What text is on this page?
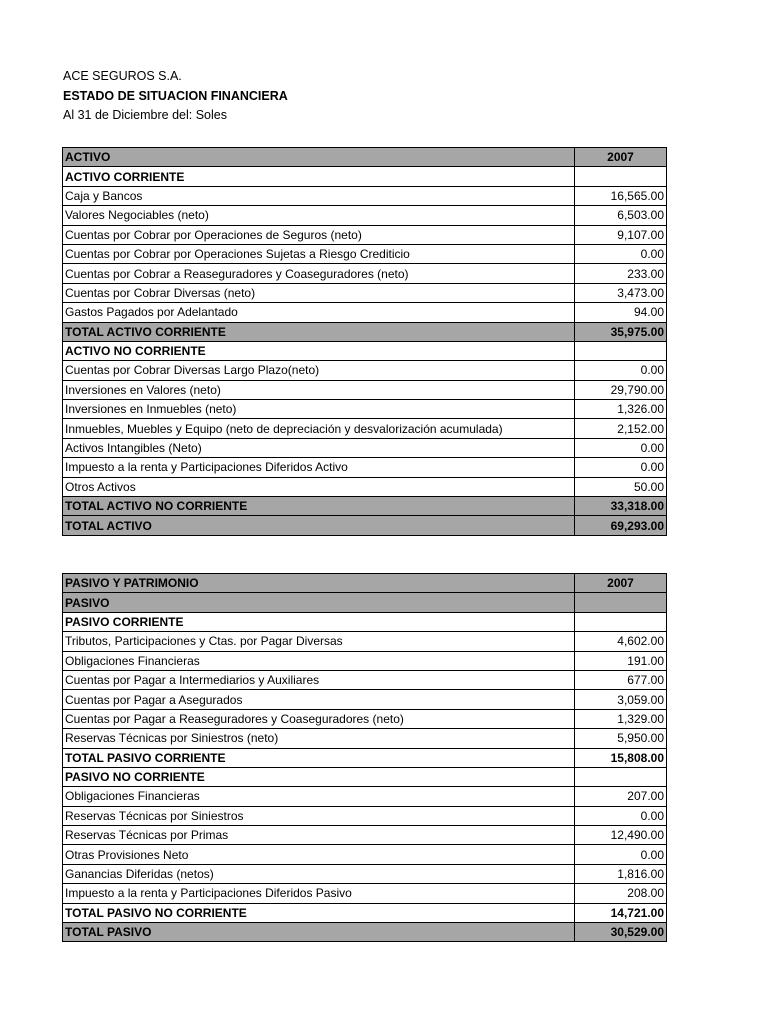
ACE SEGUROS S.A.
ESTADO DE SITUACION FINANCIERA
Al 31 de Diciembre del: Soles
ACTIVO	2007
ACTIVO CORRIENTE	
Caja y Bancos	16,565.00
Valores Negociables (neto)	6,503.00
Cuentas por Cobrar por Operaciones de Seguros (neto)	9,107.00
Cuentas por Cobrar por Operaciones Sujetas a Riesgo Crediticio	0.00
Cuentas por Cobrar a Reaseguradores y Coaseguradores (neto)	233.00
Cuentas por Cobrar Diversas (neto)	3,473.00
Gastos Pagados por Adelantado	94.00
TOTAL ACTIVO CORRIENTE	35,975.00
ACTIVO NO CORRIENTE	
Cuentas por Cobrar Diversas Largo Plazo(neto)	0.00
Inversiones en Valores (neto)	29,790.00
Inversiones en Inmuebles (neto)	1,326.00
Inmuebles, Muebles y Equipo (neto de depreciación y desvalorización acumulada)	2,152.00
Activos Intangibles (Neto)	0.00
Impuesto a la renta y Participaciones Diferidos Activo	0.00
Otros Activos	50.00
TOTAL ACTIVO NO CORRIENTE	33,318.00
TOTAL ACTIVO	69,293.00
PASIVO Y PATRIMONIO	2007
PASIVO	
PASIVO CORRIENTE	
Tributos, Participaciones y Ctas. por Pagar Diversas	4,602.00
Obligaciones Financieras	191.00
Cuentas por Pagar a Intermediarios y Auxiliares	677.00
Cuentas por Pagar a Asegurados	3,059.00
Cuentas por Pagar a Reaseguradores y Coaseguradores (neto)	1,329.00
Reservas Técnicas por Siniestros (neto)	5,950.00
TOTAL PASIVO CORRIENTE	15,808.00
PASIVO NO CORRIENTE	
Obligaciones Financieras	207.00
Reservas Técnicas por Siniestros	0.00
Reservas Técnicas por Primas	12,490.00
Otras Provisiones Neto	0.00
Ganancias Diferidas (netos)	1,816.00
Impuesto a la renta y Participaciones Diferidos Pasivo	208.00
TOTAL PASIVO NO CORRIENTE	14,721.00
TOTAL PASIVO	30,529.00
